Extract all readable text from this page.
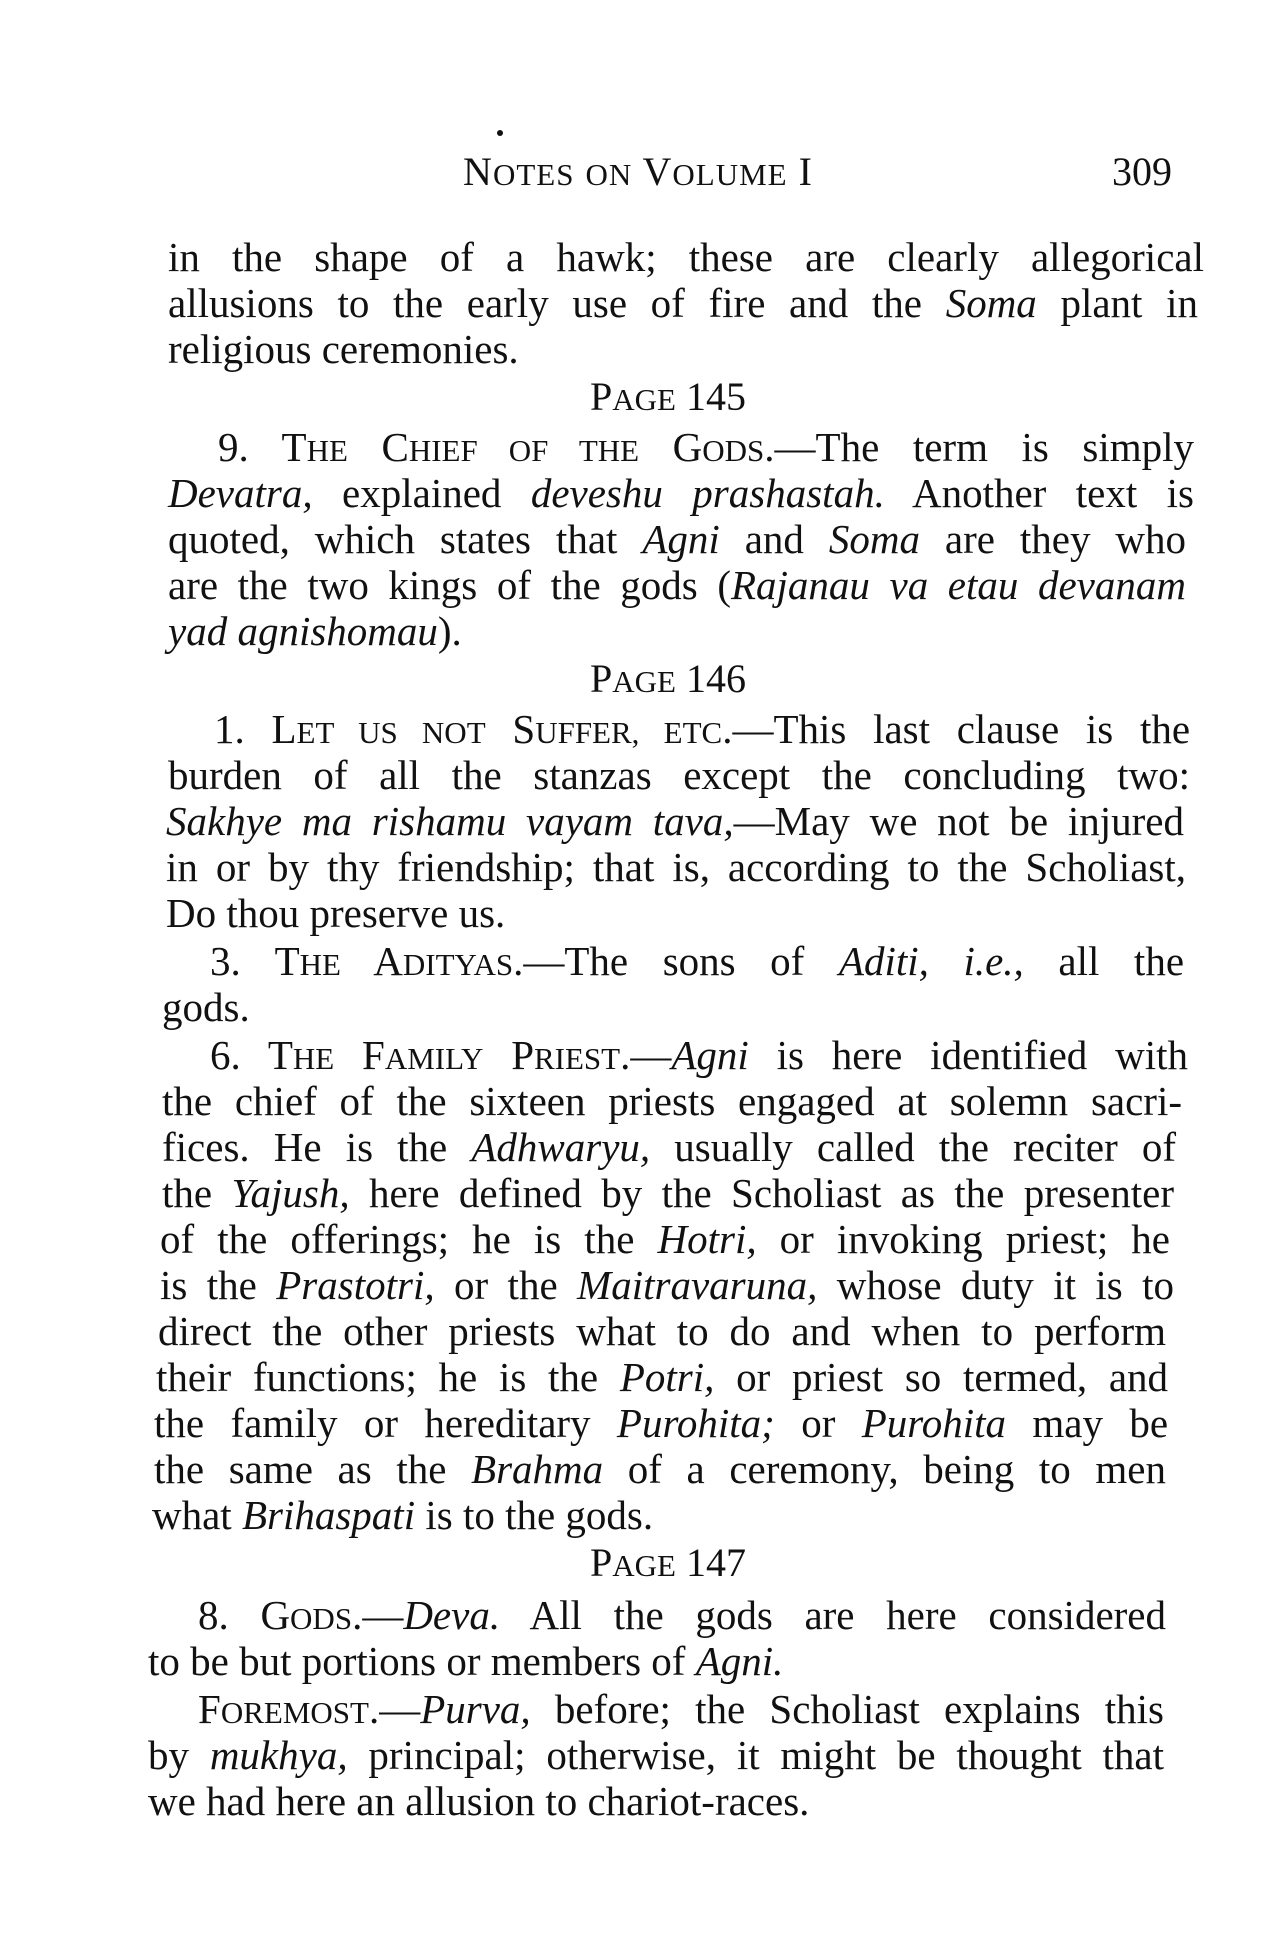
NOTES ON VOLUME I	309
in the shape of a hawk; these are clearly allegorical
allusions to the early use of fire and the Soma plant in
religious ceremonies.
PAGE 145
9. THE CHIEF OF THE GODS.—The term is simply
Devatra, explained deveshu prashastah. Another text is
quoted, which states that Agni and Soma are they who
are the two kings of the gods (Rajanau va etau devanam
yad agnishomau).
PAGE 146
1. LET US NOT SUFFER, ETC.—This last clause is the
burden of all the stanzas except the concluding two:
Sakhye ma rishamu vayam tava,—May we not be injured
in or by thy friendship; that is, according to the Scholiast,
Do thou preserve us.
3. THE ADITYAS.—The sons of Aditi, i.e., all the
gods.
6. THE FAMILY PRIEST.—Agni is here identified with
the chief of the sixteen priests engaged at solemn sacri-
fices. He is the Adhwaryu, usually called the reciter of
the Yajush, here defined by the Scholiast as the presenter
of the offerings; he is the Hotri, or invoking priest; he
is the Prastotri, or the Maitravaruna, whose duty it is to
direct the other priests what to do and when to perform
their functions; he is the Potri, or priest so termed, and
the family or hereditary Purohita; or Purohita may be
the same as the Brahma of a ceremony, being to men
what Brihaspati is to the gods.
PAGE 147
8. GODS.—Deva. All the gods are here considered
to be but portions or members of Agni.
FOREMOST.—Purva, before; the Scholiast explains this
by mukhya, principal; otherwise, it might be thought that
we had here an allusion to chariot-races.
